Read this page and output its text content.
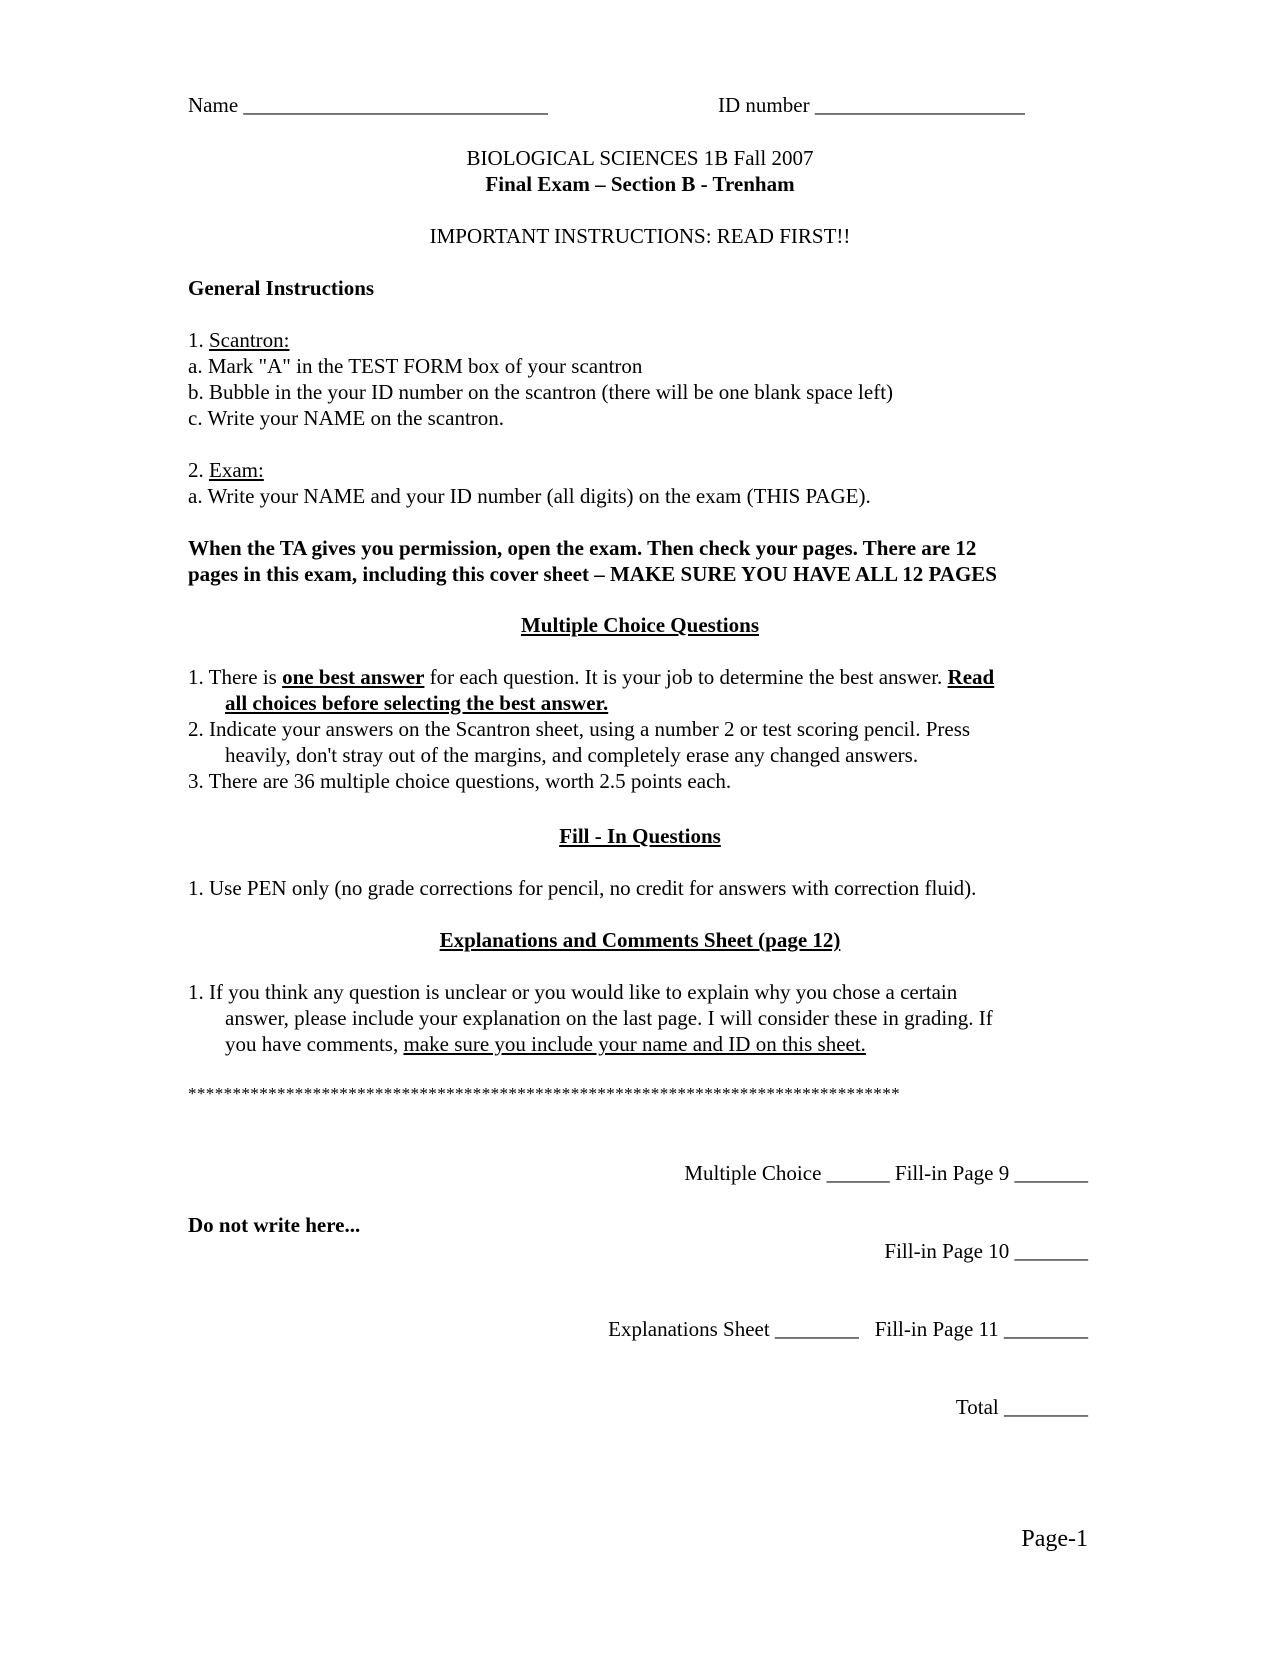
Name _____________________________	ID number ____________________
BIOLOGICAL SCIENCES 1B Fall 2007
Final Exam – Section B - Trenham
IMPORTANT INSTRUCTIONS: READ FIRST!!
General Instructions
1. Scantron:
a. Mark "A" in the TEST FORM box of your scantron
b. Bubble in the your ID number on the scantron (there will be one blank space left)
c. Write your NAME on the scantron.
2. Exam:
a. Write your NAME and your ID number (all digits) on the exam (THIS PAGE).
When the TA gives you permission, open the exam. Then check your pages. There are 12
pages in this exam, including this cover sheet – MAKE SURE YOU HAVE ALL 12 PAGES
Multiple Choice Questions
1. There is one best answer for each question. It is your job to determine the best answer. Read
all choices before selecting the best answer.
2. Indicate your answers on the Scantron sheet, using a number 2 or test scoring pencil. Press
heavily, don't stray out of the margins, and completely erase any changed answers.
3. There are 36 multiple choice questions, worth 2.5 points each.
Fill - In Questions
1. Use PEN only (no grade corrections for pencil, no credit for answers with correction fluid).
Explanations and Comments Sheet (page 12)
1. If you think any question is unclear or you would like to explain why you chose a certain
answer, please include your explanation on the last page. I will consider these in grading. If
you have comments, make sure you include your name and ID on this sheet.
********************************************************************************
Multiple Choice ______ Fill-in Page 9 _______
Do not write here...
Fill-in Page 10 _______
Explanations Sheet ________ Fill-in Page 11 ________
Total ________
Page-1
